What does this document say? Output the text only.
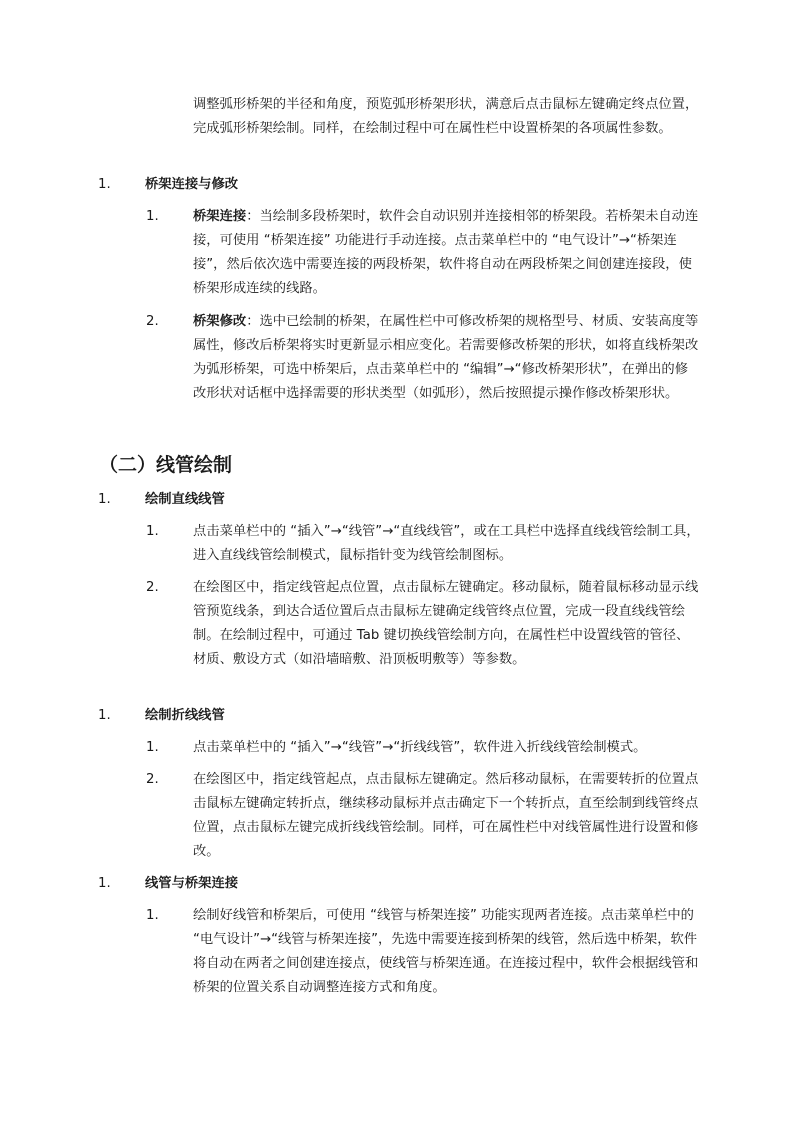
调整弧形桥架的半径和角度，预览弧形桥架形状，满意后点击鼠标左键确定终点位置，完成弧形桥架绘制。同样，在绘制过程中可在属性栏中设置桥架的各项属性参数。

1.	桥架连接与修改
1.	桥架连接：当绘制多段桥架时，软件会自动识别并连接相邻的桥架段。若桥架未自动连接，可使用 “桥架连接” 功能进行手动连接。点击菜单栏中的 “电气设计”→“桥架连接”，然后依次选中需要连接的两段桥架，软件将自动在两段桥架之间创建连接段，使桥架形成连续的线路。

2.	桥架修改：选中已绘制的桥架，在属性栏中可修改桥架的规格型号、材质、安装高度等属性，修改后桥架将实时更新显示相应变化。若需要修改桥架的形状，如将直线桥架改为弧形桥架，可选中桥架后，点击菜单栏中的 “编辑”→“修改桥架形状”，在弹出的修改形状对话框中选择需要的形状类型（如弧形），然后按照提示操作修改桥架形状。

（二）线管绘制
1.	绘制直线线管
1.	点击菜单栏中的 “插入”→“线管”→“直线线管”，或在工具栏中选择直线线管绘制工具，进入直线线管绘制模式，鼠标指针变为线管绘制图标。

2.	在绘图区中，指定线管起点位置，点击鼠标左键确定。移动鼠标，随着鼠标移动显示线管预览线条，到达合适位置后点击鼠标左键确定线管终点位置，完成一段直线线管绘制。在绘制过程中，可通过 Tab 键切换线管绘制方向，在属性栏中设置线管的管径、材质、敷设方式（如沿墙暗敷、沿顶板明敷等）等参数。

1.	绘制折线线管
1.	点击菜单栏中的 “插入”→“线管”→“折线线管”，软件进入折线线管绘制模式。

2.	在绘图区中，指定线管起点，点击鼠标左键确定。然后移动鼠标，在需要转折的位置点击鼠标左键确定转折点，继续移动鼠标并点击确定下一个转折点，直至绘制到线管终点位置，点击鼠标左键完成折线线管绘制。同样，可在属性栏中对线管属性进行设置和修改。

1.	线管与桥架连接
1.	绘制好线管和桥架后，可使用 “线管与桥架连接” 功能实现两者连接。点击菜单栏中的 “电气设计”→“线管与桥架连接”，先选中需要连接到桥架的线管，然后选中桥架，软件将自动在两者之间创建连接点，使线管与桥架连通。在连接过程中，软件会根据线管和桥架的位置关系自动调整连接方式和角度。
